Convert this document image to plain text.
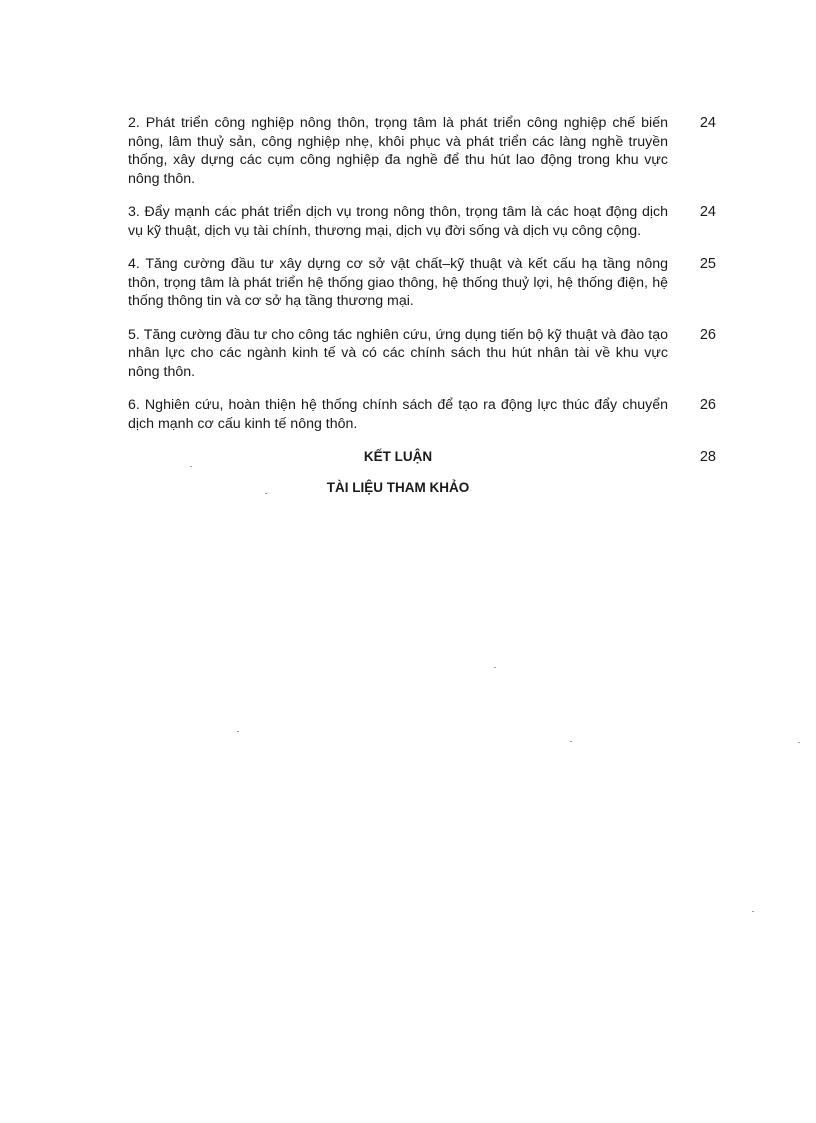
2. Phát triển công nghiệp nông thôn, trọng tâm là phát triển công nghiệp chế biến nông, lâm thuỷ sản, công nghiệp nhẹ, khôi phục và phát triển các làng nghề truyền thống, xây dựng các cụm công nghiệp đa nghề để thu hút lao động trong khu vực nông thôn.
24
3. Đẩy mạnh các phát triển dịch vụ trong nông thôn, trọng tâm là các hoạt động dịch vụ kỹ thuật, dịch vụ tài chính, thương mại, dịch vụ đời sống và dịch vụ công cộng.
24
4. Tăng cường đầu tư xây dựng cơ sở vật chất–kỹ thuật và kết cấu hạ tầng nông thôn, trọng tâm là phát triển hệ thống giao thông, hệ thống thuỷ lợi, hệ thống điện, hệ thống thông tin và cơ sở hạ tầng thương mại.
25
5. Tăng cường đầu tư cho công tác nghiên cứu, ứng dụng tiến bộ kỹ thuật và đào tạo nhân lực cho các ngành kinh tế và có các chính sách thu hút nhân tài về khu vực nông thôn.
26
6. Nghiên cứu, hoàn thiện hệ thống chính sách để tạo ra động lực thúc đẩy chuyển dịch mạnh cơ cấu kinh tế nông thôn.
26
KẾT LUẬN	28
TÀI LIỆU THAM KHẢO
